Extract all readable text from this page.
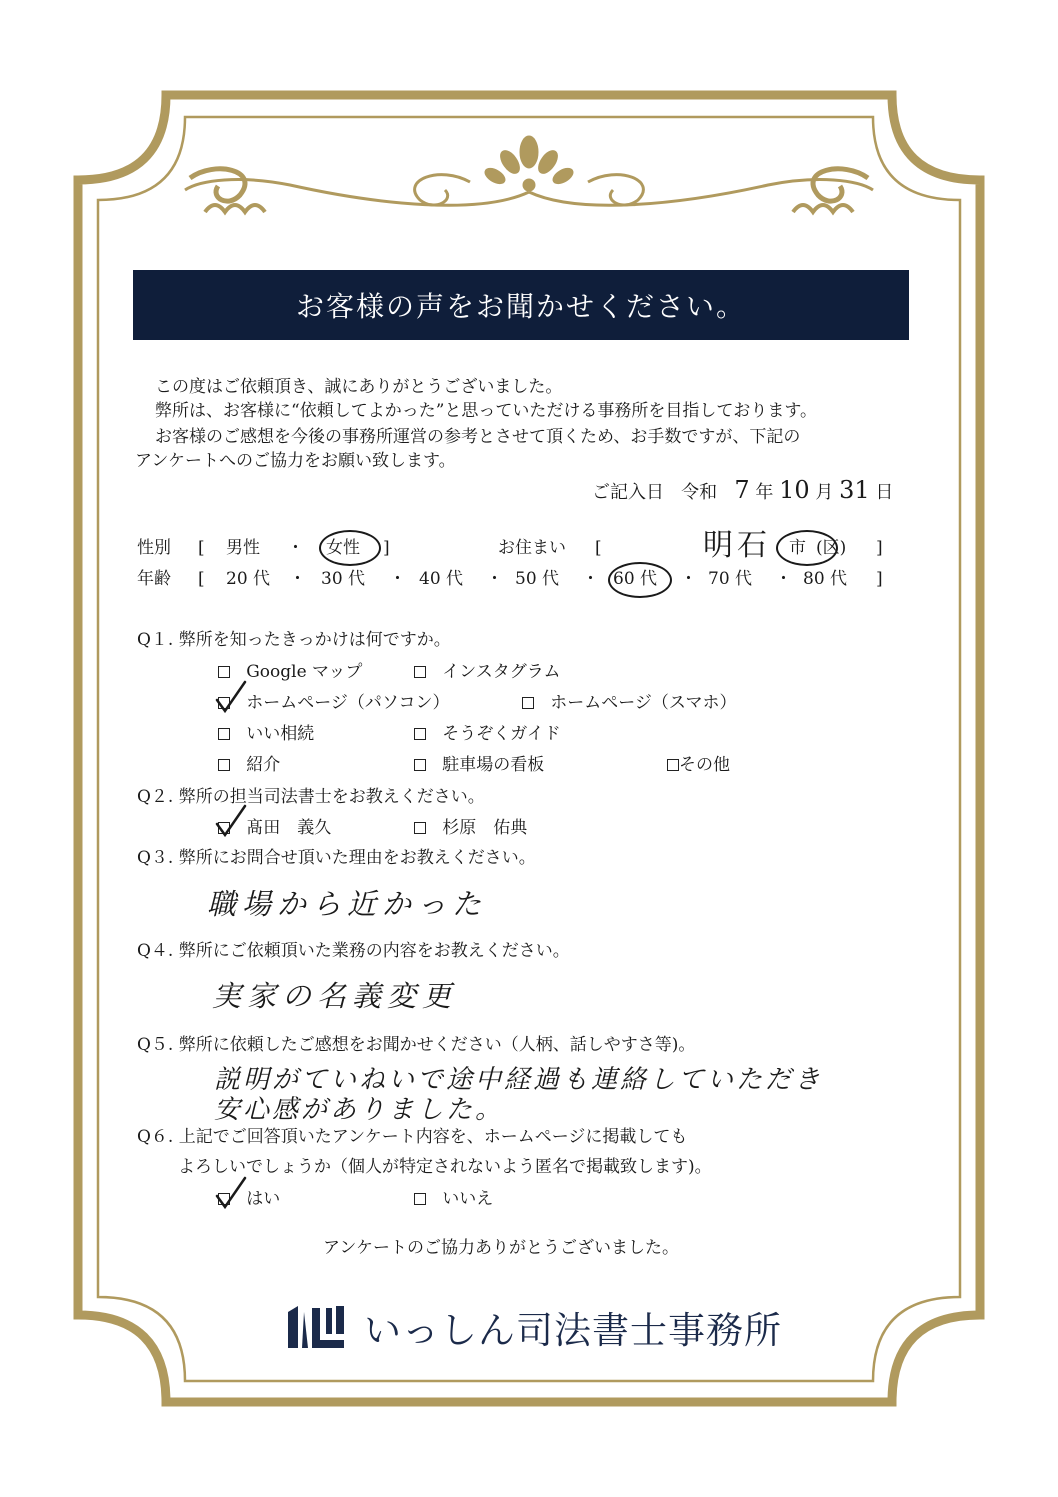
お客様の声をお聞かせください。
この度はご依頼頂き、誠にありがとうございました。
弊所は、お客様に“依頼してよかった”と思っていただける事務所を目指しております。
お客様のご感想を今後の事務所運営の参考とさせて頂くため、お手数ですが、下記の
アンケートへのご協力をお願い致します。
ご記入日 令和 7 年 10 月 31 日
性別 [ 男性 ・ 女性 ]	お住まい [	明石 市 (区) ]
年齢 [ 20 代 ・ 30 代 ・ 40 代 ・ 50 代 ・ 60 代 ・ 70 代 ・ 80 代 ]
Q１. 弊所を知ったきっかけは何ですか。
Google マップ	インスタグラム
ホームページ（パソコン）	ホームページ（スマホ）
いい相続	そうぞくガイド
紹介	駐車場の看板	その他
Q２. 弊所の担当司法書士をお教えください。
髙田　義久	杉原　佑典
Q３. 弊所にお問合せ頂いた理由をお教えください。
職場から近かった
Q４. 弊所にご依頼頂いた業務の内容をお教えください。
実家の名義変更
Q５. 弊所に依頼したご感想をお聞かせください（人柄、話しやすさ等)。
説明がていねいで途中経過も連絡していただき
安心感がありました。
Q６. 上記でご回答頂いたアンケート内容を、ホームページに掲載しても
よろしいでしょうか（個人が特定されないよう匿名で掲載致します)。
はい	いいえ
アンケートのご協力ありがとうございました。
いっしん司法書士事務所
